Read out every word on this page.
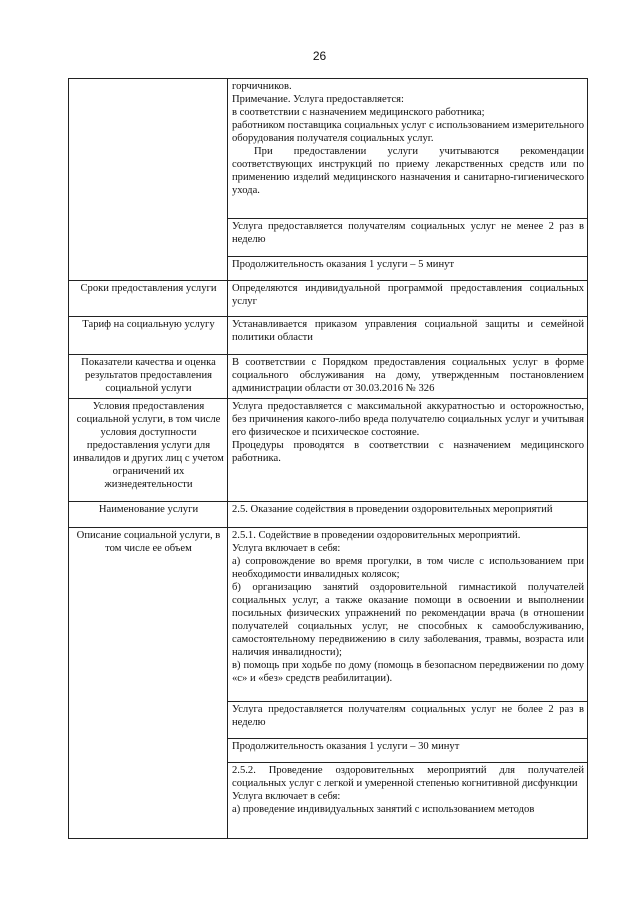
26

	горчичников.

Примечание. Услуга предоставляется:

в соответствии с назначением медицинского работника;

работником поставщика социальных услуг с использованием измерительного оборудования получателя социальных услуг.

При предоставлении услуги учитываются рекомендации соответствующих инструкций по приему лекарственных средств или по применению изделий медицинского назначения и санитарно-гигиенического ухода.

	Услуга предоставляется получателям социальных услуг не менее 2 раз в неделю
	Продолжительность оказания 1 услуги – 5 минут
Сроки предоставления услуги	Определяются индивидуальной программой предоставления социальных услуг
Тариф на социальную услугу	Устанавливается приказом управления социальной защиты и семейной политики области
Показатели качества и оценка результатов предоставления социальной услуги	В соответствии с Порядком предоставления социальных услуг в форме социального обслуживания на дому, утвержденным постановлением администрации области от 30.03.2016 № 326
Условия предоставления социальной услуги, в том числе условия доступности предоставления услуги для инвалидов и других лиц с учетом ограничений их жизнедеятельности	Услуга предоставляется с максимальной аккуратностью и осторожностью, без причинения какого-либо вреда получателю социальных услуг и учитывая его физическое и психическое состояние.

Процедуры проводятся в соответствии с назначением медицинского работника.

Наименование услуги	2.5. Оказание содействия в проведении оздоровительных мероприятий
Описание социальной услуги, в том числе ее объем	2.5.1. Содействие в проведении оздоровительных мероприятий.

Услуга включает в себя:

а) сопровождение во время прогулки, в том числе с использованием при необходимости инвалидных колясок;

б) организацию занятий оздоровительной гимнастикой получателей социальных услуг, а также оказание помощи в освоении и выполнении посильных физических упражнений по рекомендации врача (в отношении получателей социальных услуг, не способных к самообслуживанию, самостоятельному передвижению в силу заболевания, травмы, возраста или наличия инвалидности);

в) помощь при ходьбе по дому (помощь в безопасном передвижении по дому «с» и «без» средств реабилитации).

	Услуга предоставляется получателям социальных услуг не более 2 раз в неделю
	Продолжительность оказания 1 услуги – 30 минут

	2.5.2. Проведение оздоровительных мероприятий для получателей социальных услуг с легкой и умеренной степенью когнитивной дисфункции

Услуга включает в себя:

а) проведение индивидуальных занятий с использованием методов
